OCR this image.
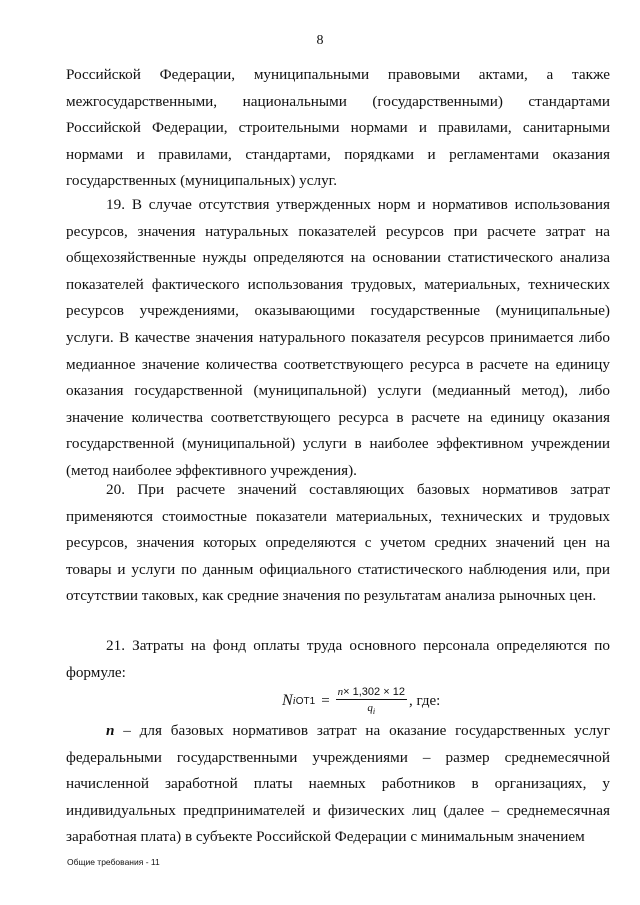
8

Российской Федерации, муниципальными правовыми актами, а также межгосударственными, национальными (государственными) стандартами Российской Федерации, строительными нормами и правилами, санитарными нормами и правилами, стандартами, порядками и регламентами оказания государственных (муниципальных) услуг.

19. В случае отсутствия утвержденных норм и нормативов использования ресурсов, значения натуральных показателей ресурсов при расчете затрат на общехозяйственные нужды определяются на основании статистического анализа показателей фактического использования трудовых, материальных, технических ресурсов учреждениями, оказывающими государственные (муниципальные) услуги. В качестве значения натурального показателя ресурсов принимается либо медианное значение количества соответствующего ресурса в расчете на единицу оказания государственной (муниципальной) услуги (медианный метод), либо значение количества соответствующего ресурса в расчете на единицу оказания государственной (муниципальной) услуги в наиболее эффективном учреждении (метод наиболее эффективного учреждения).

20. При расчете значений составляющих базовых нормативов затрат применяются стоимостные показатели материальных, технических и трудовых ресурсов, значения которых определяются с учетом средних значений цен на товары и услуги по данным официального статистического наблюдения или, при отсутствии таковых, как средние значения по результатам анализа рыночных цен.

21. Затраты на фонд оплаты труда основного персонала определяются по формуле:

N i $ОТ1 = \frac{n\times 1,302 \times 12}{q_i}$ , где:

n – для базовых нормативов затрат на оказание государственных услуг федеральными государственными учреждениями – размер среднемесячной начисленной заработной платы наемных работников в организациях, у индивидуальных предпринимателей и физических лиц (далее – среднемесячная заработная плата) в субъекте Российской Федерации с минимальным значением

Общие требования - 11
